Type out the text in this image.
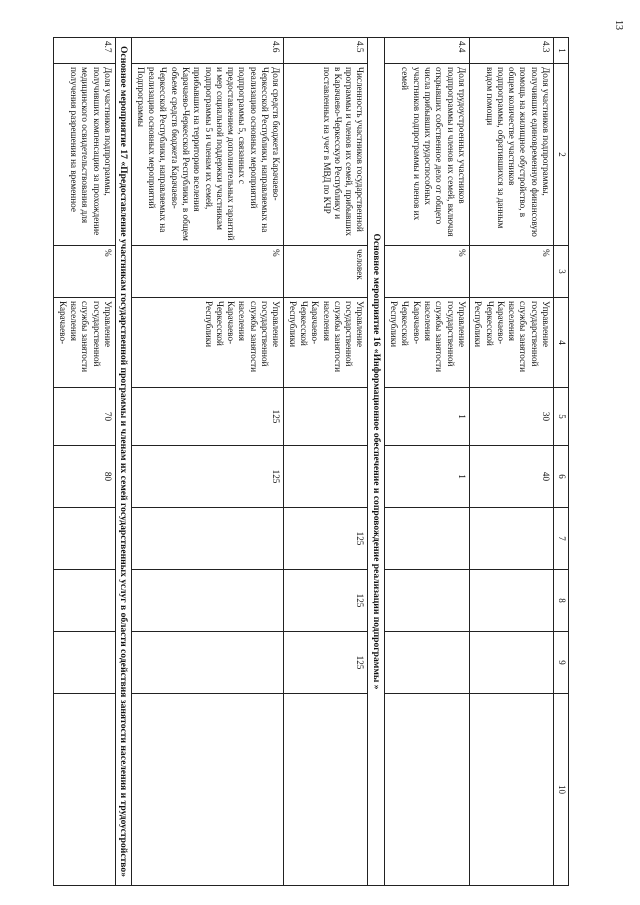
13
1	2	3	4	5	6	7	8	9	10
4.3	Доля участников подпрограммы, получивших единовременную финансовую помощь на жилищное обустройство, в общем количестве участников подпрограммы, обратившихся за данным видом помощи	%	Управление государственной службы занятости населения Карачаево-Черкесской Республики	30	40				
4.4	Доля трудоустроенных участников подпрограммы и членов их семей, включая открывших собственное дело от общего числа прибывших трудоспособных участников подпрограммы и членов их семей	%	Управление государственной службы занятости населения Карачаево-Черкесской Республики	1	1				
Основное мероприятие 16 «Информационное обеспечение и сопровождение реализации подпрограммы »									
4.5	Численность участников государственной программы и членов их семей, прибывших в Карачаево-Черкесскую Республику и поставленных на учет в МВД по КЧР	человек	Управление государственной службы занятости населения Карачаево-Черкесской Республики			125	125	125	
4.6	Доля средств бюджета Карачаево-Черкесской Республики, направляемых на реализацию основных мероприятий подпрограммы 5, связанных с предоставлением дополнительных гарантий и мер социальной поддержки участникам подпрограммы 5 и членам их семей, прибывших на территорию вселения Карачаево-Черкесской Республики, в общем объеме средств бюджета Карачаево-Черкесской Республики, направляемых на реализацию основных мероприятий Подпрограммы	%	Управление государственной службы занятости населения Карачаево-Черкесской Республики	125	125				
Основное мероприятие 17 «Предоставление участникам государственной программы и членам их семей государственных услуг в области содействия занятости населения и трудоустройство»									
4.7	Доля участников подпрограммы, получивших компенсацию за прохождение медицинского освидетельствования для получения разрешения на временное	%	Управление государственной службы занятости населения Карачаево-	70	80				
